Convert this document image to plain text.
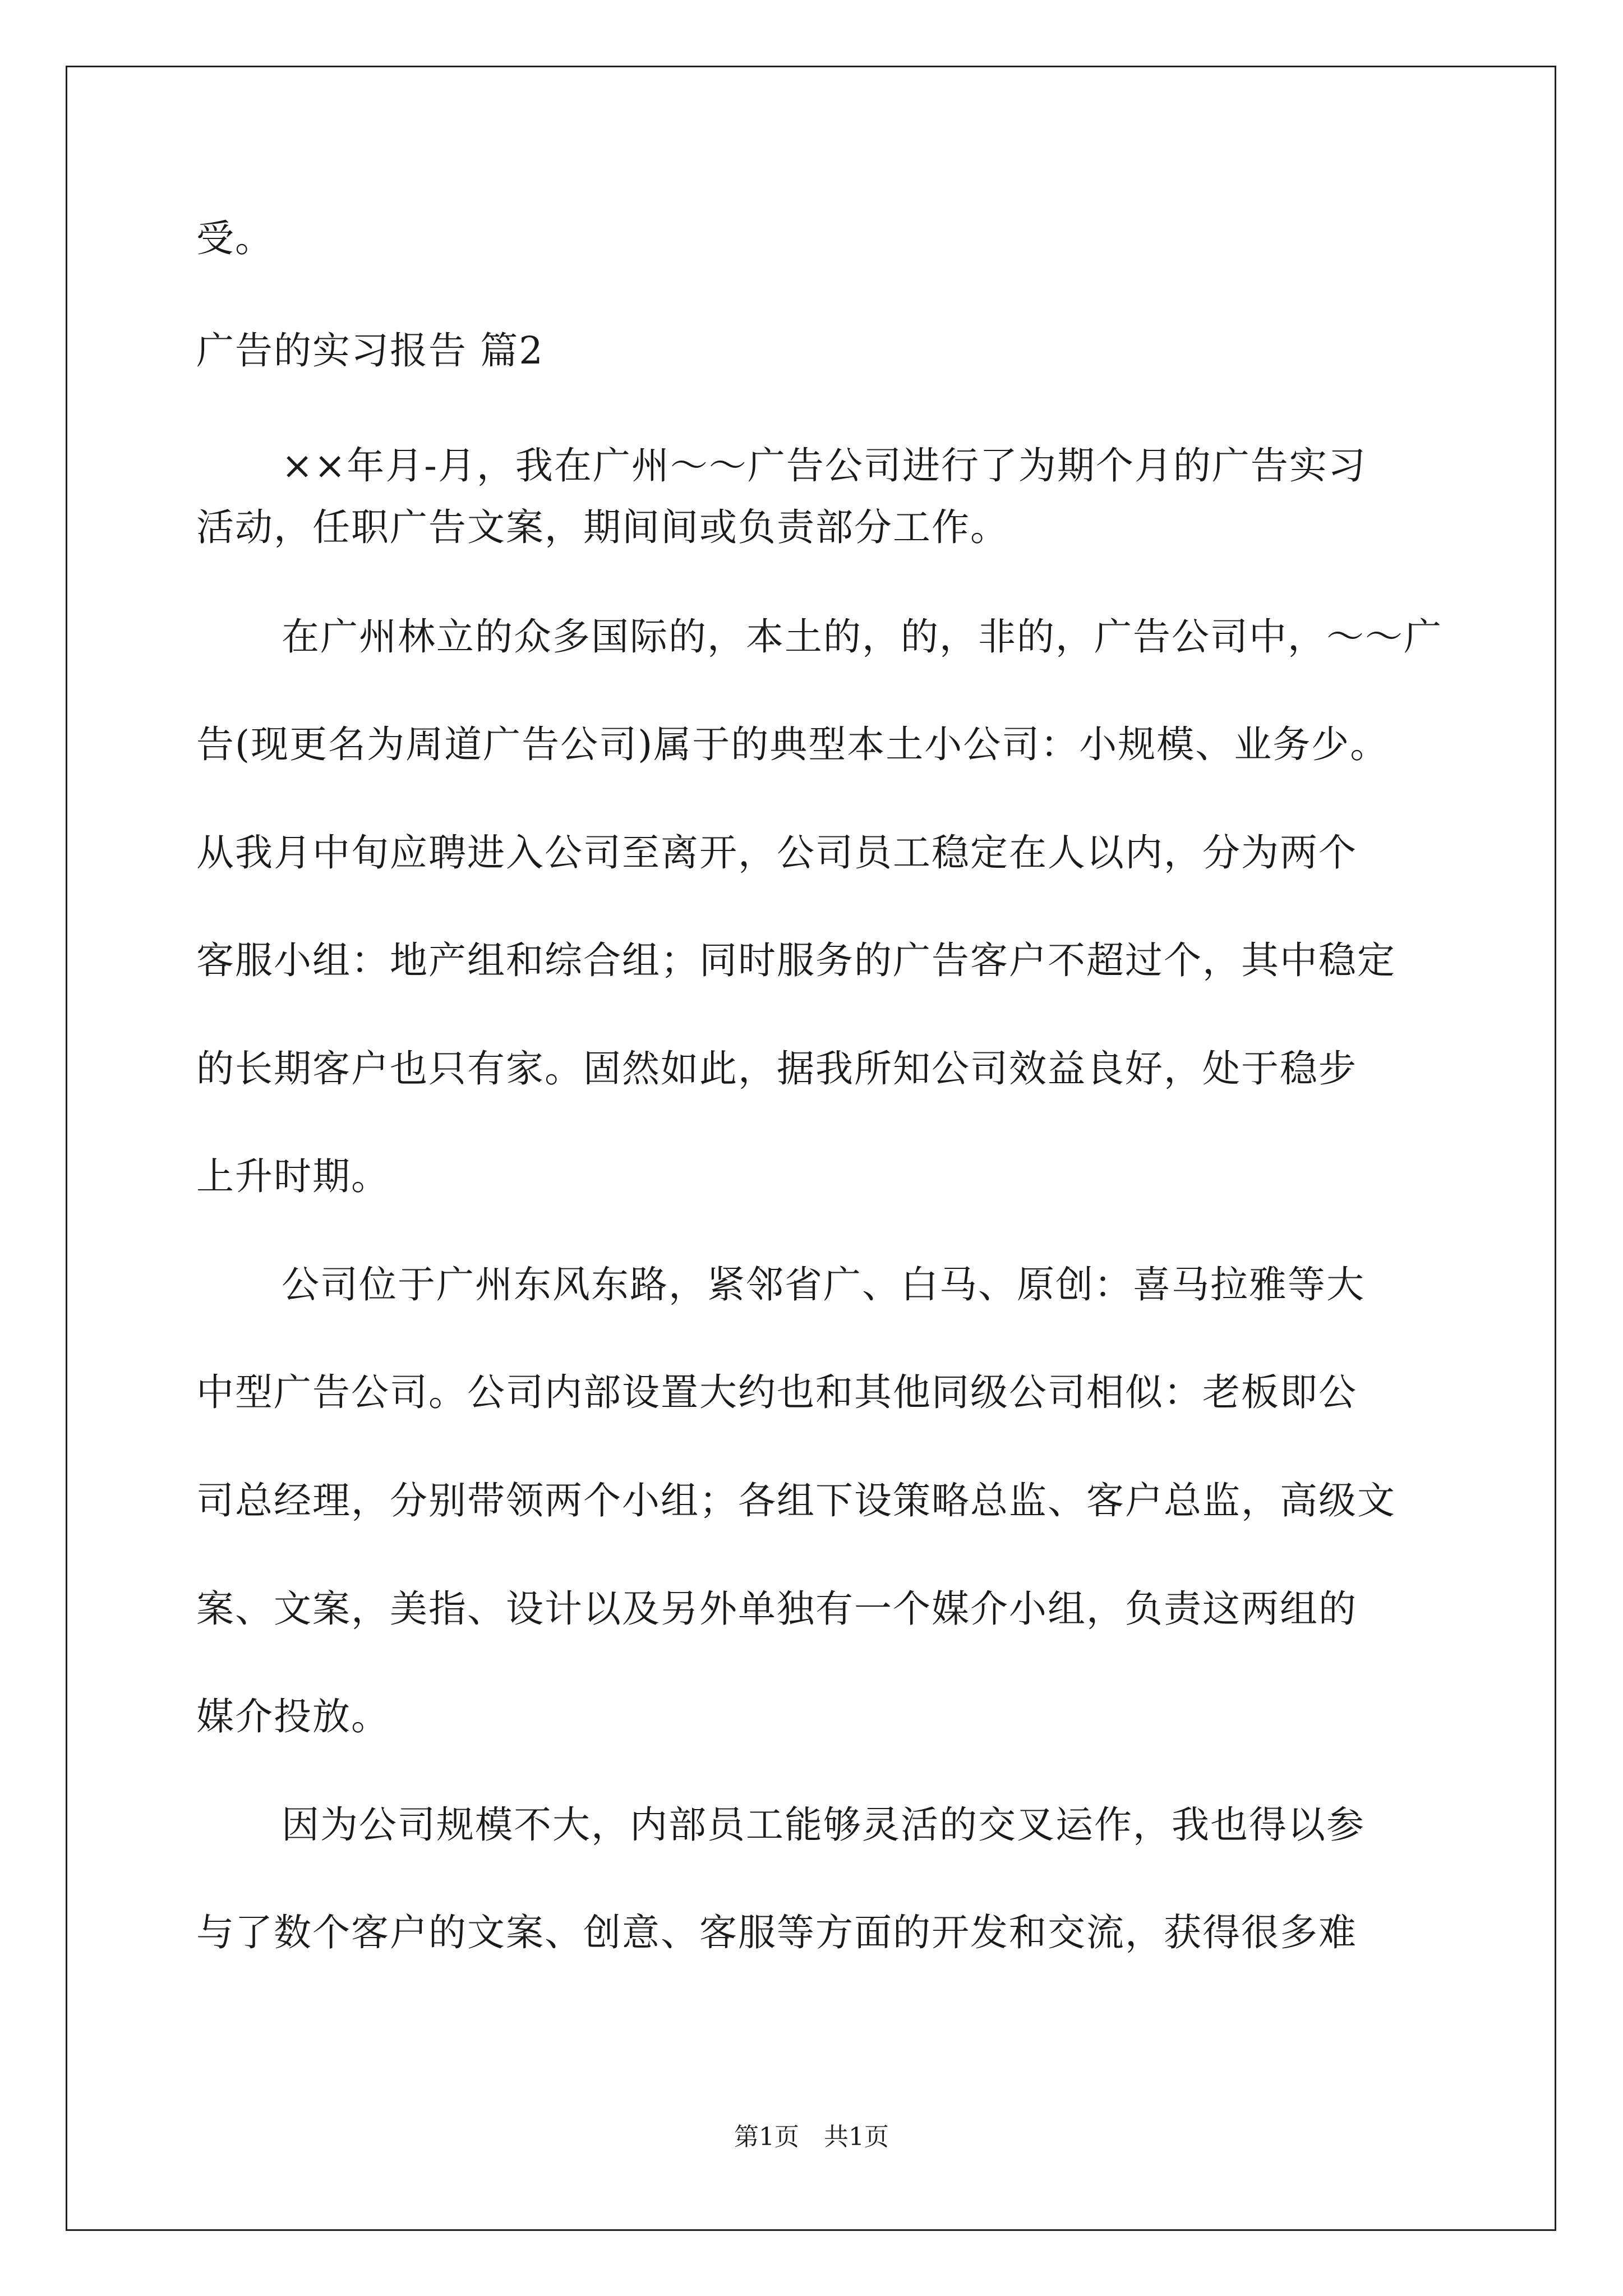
受。
广告的实习报告 篇2
××年月-月，我在广州～～广告公司进行了为期个月的广告实习
活动，任职广告文案，期间间或负责部分工作。
在广州林立的众多国际的，本土的，的，非的，广告公司中，～～广
告(现更名为周道广告公司)属于的典型本土小公司：小规模、业务少。
从我月中旬应聘进入公司至离开，公司员工稳定在人以内，分为两个
客服小组：地产组和综合组；同时服务的广告客户不超过个，其中稳定
的长期客户也只有家。固然如此，据我所知公司效益良好，处于稳步
上升时期。
公司位于广州东风东路，紧邻省广、白马、原创：喜马拉雅等大
中型广告公司。公司内部设置大约也和其他同级公司相似：老板即公
司总经理，分别带领两个小组；各组下设策略总监、客户总监，高级文
案、文案，美指、设计以及另外单独有一个媒介小组，负责这两组的
媒介投放。
因为公司规模不大，内部员工能够灵活的交叉运作，我也得以参
与了数个客户的文案、创意、客服等方面的开发和交流，获得很多难
第1页　共1页
